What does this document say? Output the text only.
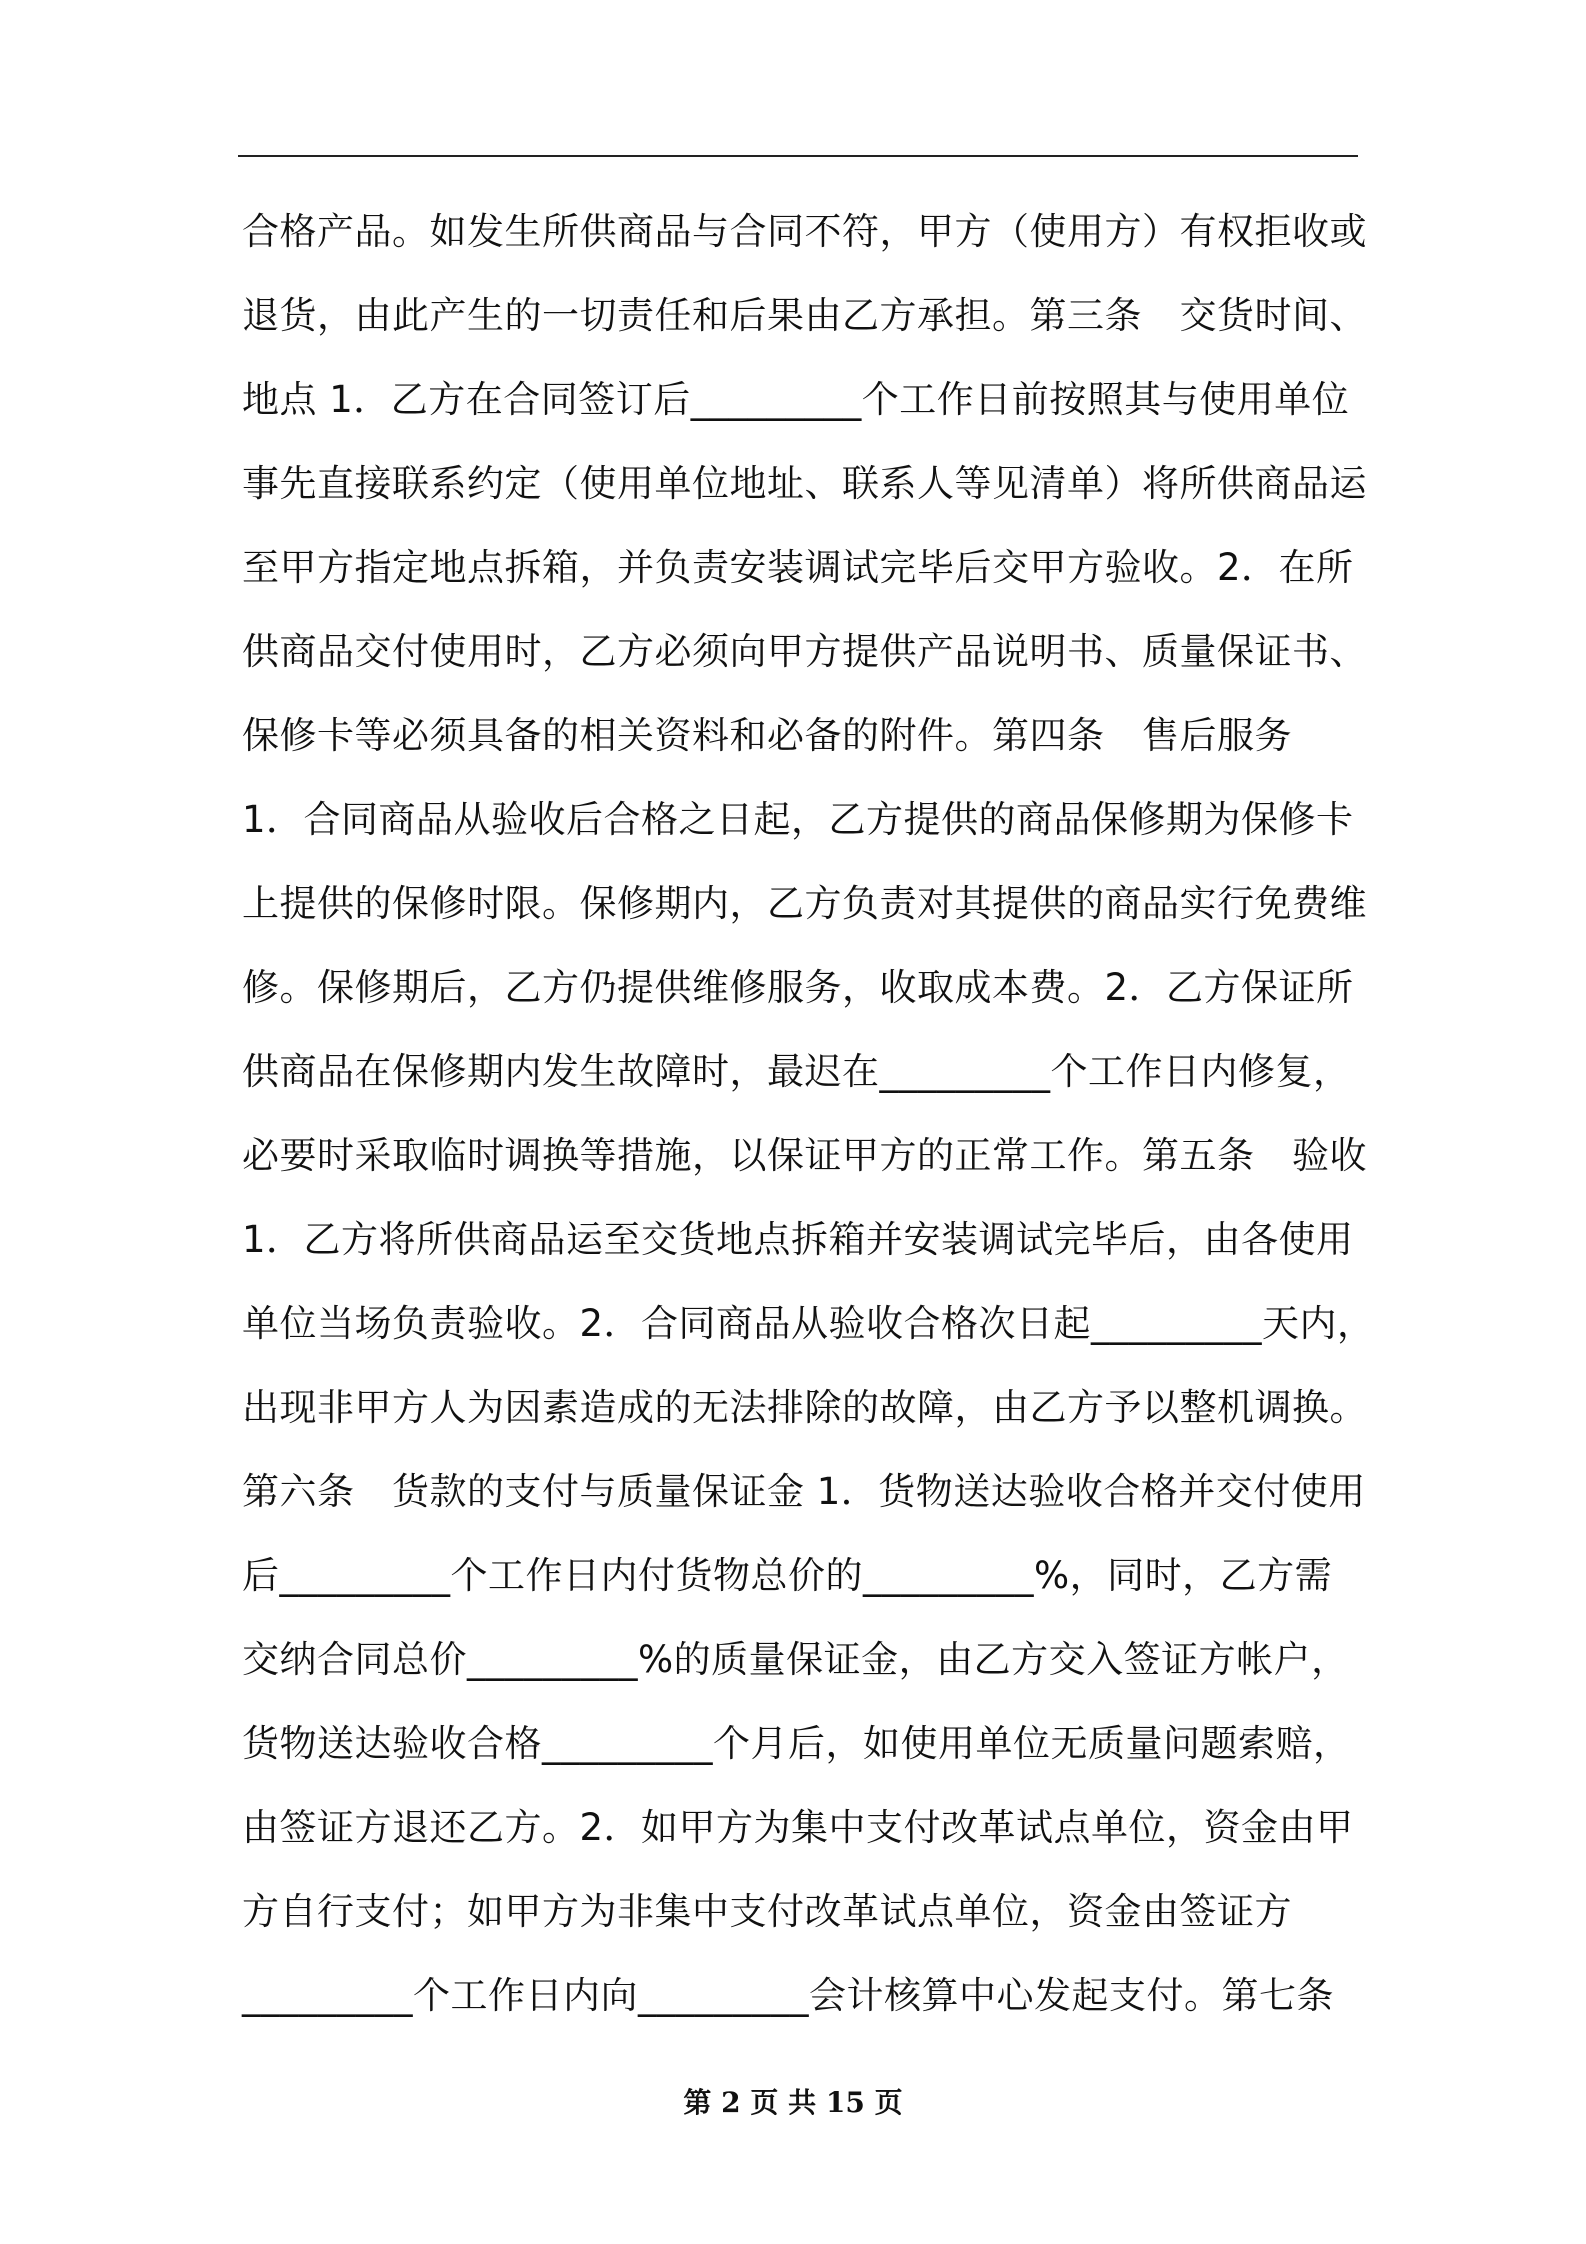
合格产品。如发生所供商品与合同不符，甲方（使用方）有权拒收或
退货，由此产生的一切责任和后果由乙方承担。第三条　交货时间、
地点 1．乙方在合同签订后_________个工作日前按照其与使用单位
事先直接联系约定（使用单位地址、联系人等见清单）将所供商品运
至甲方指定地点拆箱，并负责安装调试完毕后交甲方验收。2．在所
供商品交付使用时，乙方必须向甲方提供产品说明书、质量保证书、
保修卡等必须具备的相关资料和必备的附件。第四条　售后服务
1．合同商品从验收后合格之日起，乙方提供的商品保修期为保修卡
上提供的保修时限。保修期内，乙方负责对其提供的商品实行免费维
修。保修期后，乙方仍提供维修服务，收取成本费。2．乙方保证所
供商品在保修期内发生故障时，最迟在_________个工作日内修复，
必要时采取临时调换等措施，以保证甲方的正常工作。第五条　验收
1．乙方将所供商品运至交货地点拆箱并安装调试完毕后，由各使用
单位当场负责验收。2．合同商品从验收合格次日起_________天内，
出现非甲方人为因素造成的无法排除的故障，由乙方予以整机调换。
第六条　货款的支付与质量保证金 1．货物送达验收合格并交付使用
后_________个工作日内付货物总价的_________%，同时，乙方需
交纳合同总价_________%的质量保证金，由乙方交入签证方帐户，
货物送达验收合格_________个月后，如使用单位无质量问题索赔，
由签证方退还乙方。2．如甲方为集中支付改革试点单位，资金由甲
方自行支付；如甲方为非集中支付改革试点单位，资金由签证方
_________个工作日内向_________会计核算中心发起支付。第七条
第 2 页 共 15 页
